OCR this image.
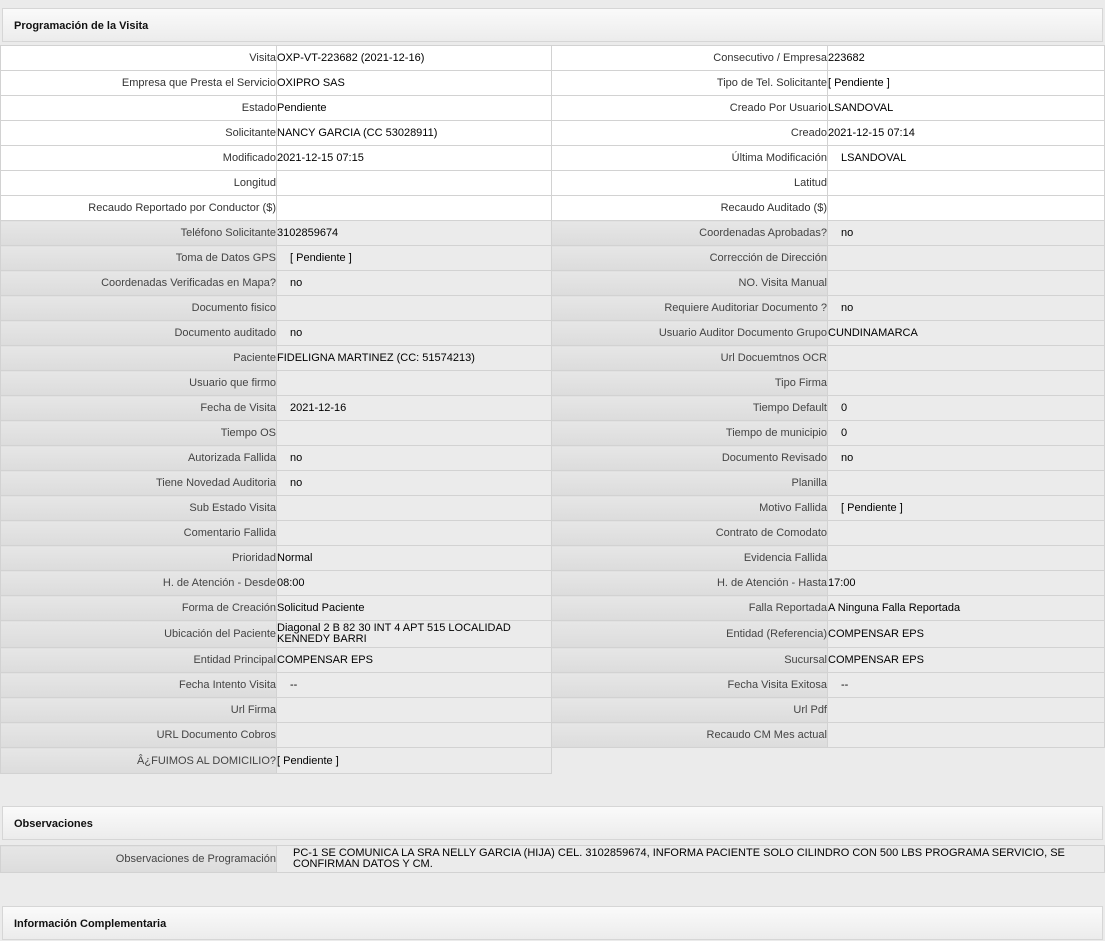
Programación de la Visita
Visita	OXP-VT-223682 (2021-12-16)	Consecutivo / Empresa	223682
Empresa que Presta el Servicio	OXIPRO SAS	Tipo de Tel. Solicitante	[ Pendiente ]
Estado	Pendiente	Creado Por Usuario	LSANDOVAL
Solicitante	NANCY GARCIA (CC 53028911)	Creado	2021-12-15 07:14
Modificado	2021-12-15 07:15	Última Modificación	LSANDOVAL
Longitud		Latitud	
Recaudo Reportado por Conductor ($)		Recaudo Auditado ($)	
Teléfono Solicitante	3102859674	Coordenadas Aprobadas?	no
Toma de Datos GPS	[ Pendiente ]	Corrección de Dirección	
Coordenadas Verificadas en Mapa?	no	NO. Visita Manual	
Documento fisico		Requiere Auditoriar Documento ?	no
Documento auditado	no	Usuario Auditor Documento Grupo	CUNDINAMARCA
Paciente	FIDELIGNA MARTINEZ (CC: 51574213)	Url Docuemtnos OCR	
Usuario que firmo		Tipo Firma	
Fecha de Visita	2021-12-16	Tiempo Default	0
Tiempo OS		Tiempo de municipio	0
Autorizada Fallida	no	Documento Revisado	no
Tiene Novedad Auditoria	no	Planilla	
Sub Estado Visita		Motivo Fallida	[ Pendiente ]
Comentario Fallida		Contrato de Comodato	
Prioridad	Normal	Evidencia Fallida	
H. de Atención - Desde	08:00	H. de Atención - Hasta	17:00
Forma de Creación	Solicitud Paciente	Falla Reportada	A Ninguna Falla Reportada
Ubicación del Paciente	Diagonal 2 B 82 30 INT 4 APT 515 LOCALIDAD KENNEDY BARRI	Entidad (Referencia)	COMPENSAR EPS
Entidad Principal	COMPENSAR EPS	Sucursal	COMPENSAR EPS
Fecha Intento Visita	--	Fecha Visita Exitosa	--
Url Firma		Url Pdf	
URL Documento Cobros		Recaudo CM Mes actual	
Â¿FUIMOS AL DOMICILIO?	[ Pendiente ]		
Observaciones
Observaciones de Programación	PC-1 SE COMUNICA LA SRA NELLY GARCIA (HIJA) CEL. 3102859674, INFORMA PACIENTE SOLO CILINDRO CON 500 LBS PROGRAMA SERVICIO, SE CONFIRMAN DATOS Y CM.
Información Complementaria
